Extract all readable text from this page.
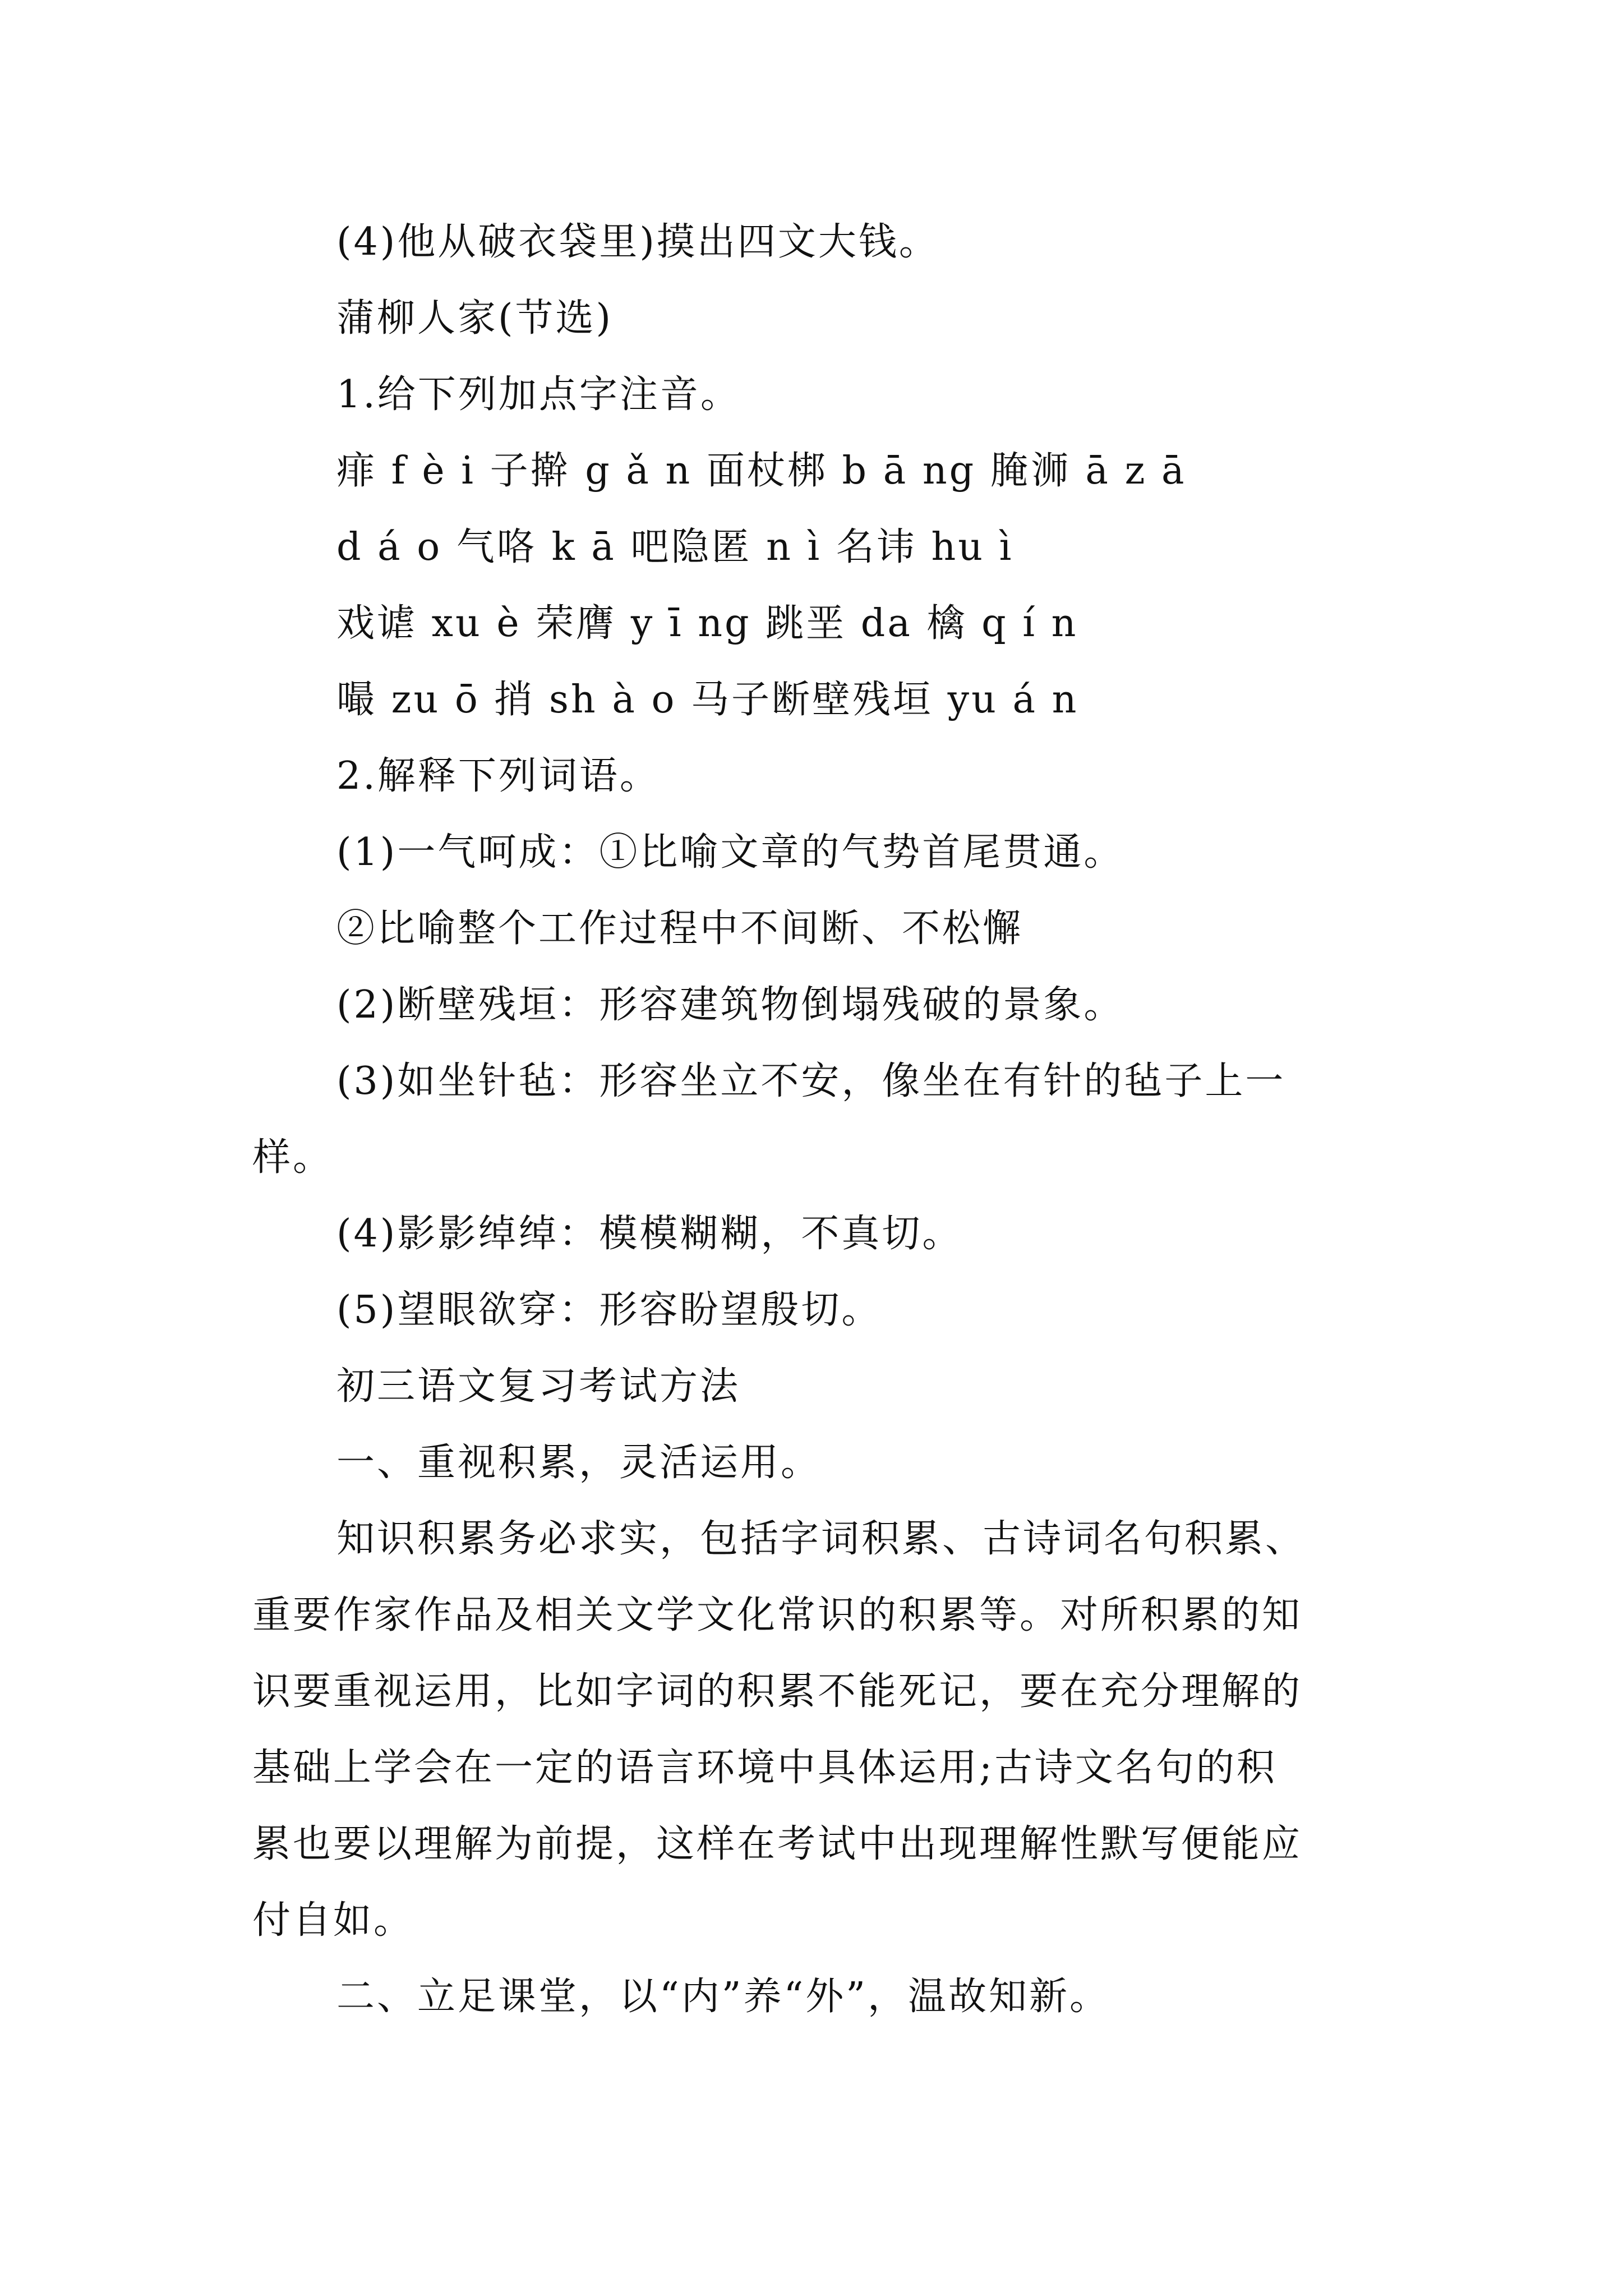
(4)他从破衣袋里)摸出四文大钱。
蒲柳人家(节选)
1.给下列加点字注音。
痱 f è i 子擀 g ǎ n 面杖梆 b ā ng 腌浉 ā z ā
d á o 气咯 k ā 吧隐匿 n ì 名讳 hu ì
戏谑 xu è 荣膺 y ī ng 跳垩 da 檎 q í n
嘬 zu ō 捎 sh à o 马子断壁残垣 yu á n
2.解释下列词语。
(1)一气呵成：①比喻文章的气势首尾贯通。
②比喻整个工作过程中不间断、不松懈
(2)断壁残垣：形容建筑物倒塌残破的景象。
(3)如坐针毡：形容坐立不安，像坐在有针的毡子上一
样。
(4)影影绰绰：模模糊糊，不真切。
(5)望眼欲穿：形容盼望殷切。
初三语文复习考试方法
一、重视积累，灵活运用。
知识积累务必求实，包括字词积累、古诗词名句积累、
重要作家作品及相关文学文化常识的积累等。对所积累的知
识要重视运用，比如字词的积累不能死记，要在充分理解的
基础上学会在一定的语言环境中具体运用;古诗文名句的积
累也要以理解为前提，这样在考试中出现理解性默写便能应
付自如。
二、立足课堂，以“内”养“外”，温故知新。
